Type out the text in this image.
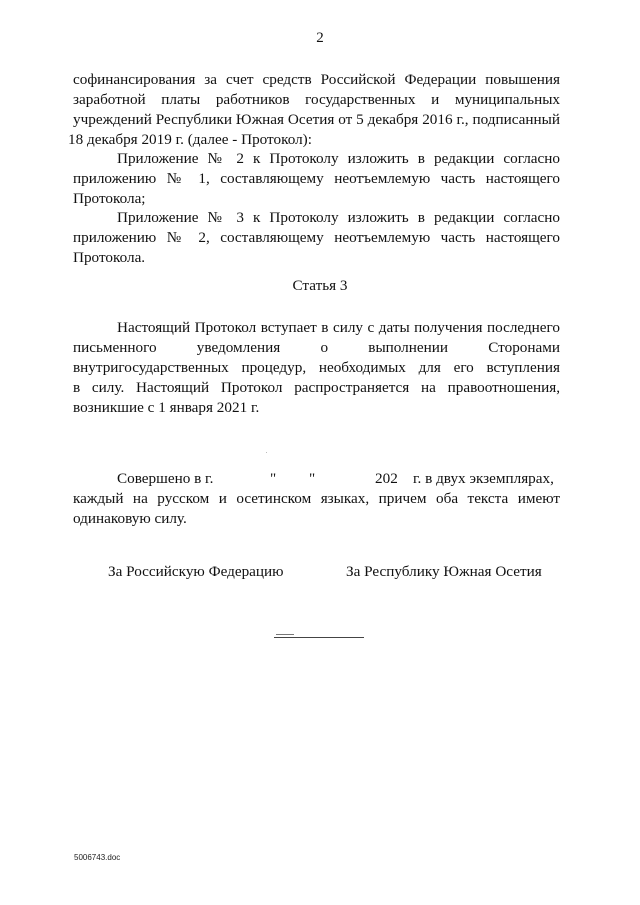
2
софинансирования за счет средств Российской Федерации повышения
заработной платы работников государственных и муниципальных
учреждений Республики Южная Осетия от 5 декабря 2016 г., подписанный
18 декабря 2019 г. (далее - Протокол):
Приложение № 2 к Протоколу изложить в редакции согласно
приложению № 1, составляющему неотъемлемую часть настоящего
Протокола;
Приложение № 3 к Протоколу изложить в редакции согласно
приложению № 2, составляющему неотъемлемую часть настоящего
Протокола.
Статья 3
Настоящий Протокол вступает в силу с даты получения последнего
письменного уведомления о выполнении Сторонами
внутригосударственных процедур, необходимых для его вступления
в силу. Настоящий Протокол распространяется на правоотношения,
возникшие с 1 января 2021 г.
Совершено в г.	" "	202 г. в двух экземплярах,
каждый на русском и осетинском языках, причем оба текста имеют
одинаковую силу.
За Российскую Федерацию	За Республику Южная Осетия
5006743.doc
